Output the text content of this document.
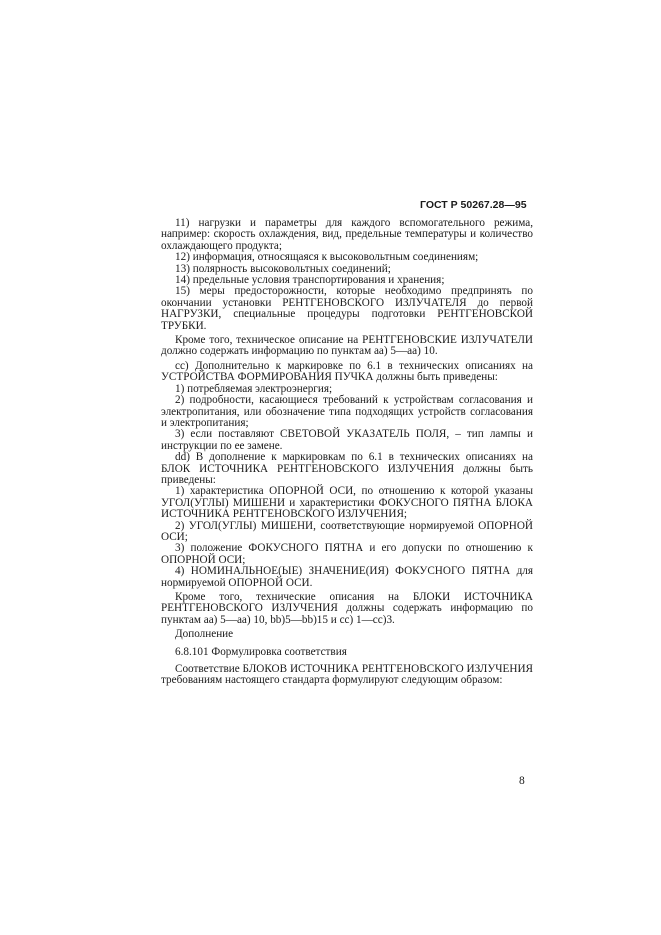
ГОСТ Р 50267.28—95

11) нагрузки и параметры для каждого вспомогательного режима, например: скорость охлаждения, вид, предельные температуры и количество охлаждающего продукта;

12) информация, относящаяся к высоковольтным соединениям;

13) полярность высоковольтных соединений;

14) предельные условия транспортирования и хранения;

15) меры предосторожности, которые необходимо предпринять по окончании установки РЕНТГЕНОВСКОГО ИЗЛУЧАТЕЛЯ до первой НАГРУЗКИ, специальные процедуры подготовки РЕНТГЕНОВСКОЙ ТРУБКИ.

Кроме того, техническое описание на РЕНТГЕНОВСКИЕ ИЗЛУЧАТЕЛИ должно содержать информацию по пунктам аа) 5—аа) 10.

сс) Дополнительно к маркировке по 6.1 в технических описаниях на УСТРОЙСТВА ФОРМИРОВАНИЯ ПУЧКА должны быть приведены:

1) потребляемая электроэнергия;

2) подробности, касающиеся требований к устройствам согласования и электропитания, или обозначение типа подходящих устройств согласования и электропитания;

3) если поставляют СВЕТОВОЙ УКАЗАТЕЛЬ ПОЛЯ, – тип лампы и инструкции по ее замене.

dd) В дополнение к маркировкам по 6.1 в технических описаниях на БЛОК ИСТОЧНИКА РЕНТГЕНОВСКОГО ИЗЛУЧЕНИЯ должны быть приведены:

1) характеристика ОПОРНОЙ ОСИ, по отношению к которой указаны УГОЛ(УГЛЫ) МИШЕНИ и характеристики ФОКУСНОГО ПЯТНА БЛОКА ИСТОЧНИКА РЕНТГЕНОВСКОГО ИЗЛУЧЕНИЯ;

2) УГОЛ(УГЛЫ) МИШЕНИ, соответствующие нормируемой ОПОРНОЙ ОСИ;

3) положение ФОКУСНОГО ПЯТНА и его допуски по отношению к ОПОРНОЙ ОСИ;

4) НОМИНАЛЬНОЕ(ЫЕ) ЗНАЧЕНИЕ(ИЯ) ФОКУСНОГО ПЯТНА для нормируемой ОПОРНОЙ ОСИ.

Кроме того, технические описания на БЛОКИ ИСТОЧНИКА РЕНТГЕНОВСКОГО ИЗЛУЧЕНИЯ должны содержать информацию по пунктам аа) 5—аа) 10, bb)5—bb)15 и сс) 1—сс)3.

Дополнение

6.8.101 Формулировка соответствия

Соответствие БЛОКОВ ИСТОЧНИКА РЕНТГЕНОВСКОГО ИЗЛУЧЕНИЯ требованиям настоящего стандарта формулируют следующим образом:

8
